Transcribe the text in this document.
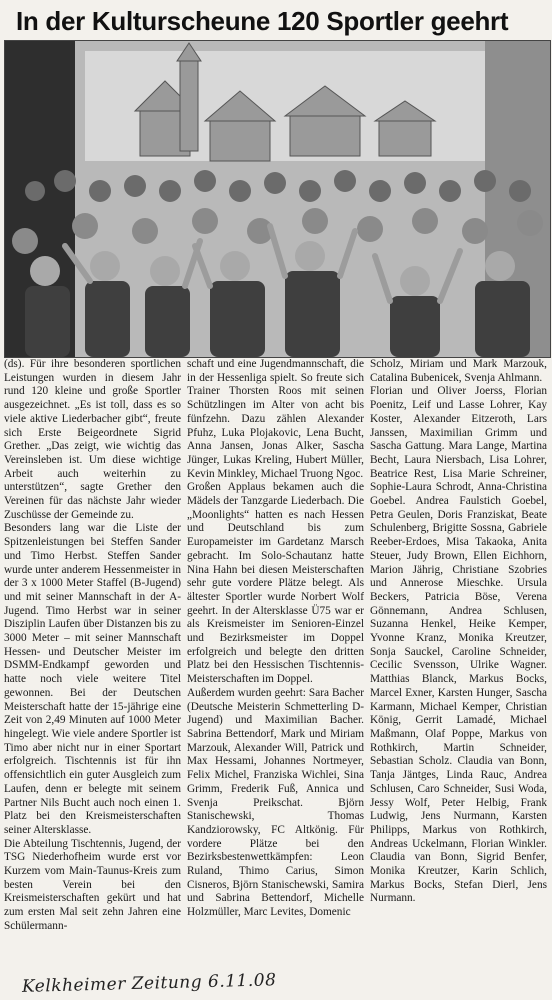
In der Kulturscheune 120 Sportler geehrt

(ds). Für ihre besonderen sportlichen Leistungen wurden in diesem Jahr rund 120 kleine und große Sportler ausgezeichnet. „Es ist toll, dass es so viele aktive Liederbacher gibt“, freute sich Erste Beigeordnete Sigrid Grether. „Das zeigt, wie wichtig das Vereinsleben ist. Um diese wichtige Arbeit auch weiterhin zu unterstützen“, sagte Grether den Vereinen für das nächste Jahr wieder Zuschüsse der Gemeinde zu.

Besonders lang war die Liste der Spitzenleistungen bei Steffen Sander und Timo Herbst. Steffen Sander wurde unter anderem Hessenmeister in der 3 x 1000 Meter Staffel (B-Jugend) und mit seiner Mannschaft in der A-Jugend. Timo Herbst war in seiner Disziplin Laufen über Distanzen bis zu 3000 Meter – mit seiner Mannschaft Hessen- und Deutscher Meister im DSMM-Endkampf geworden und hatte noch viele weitere Titel gewonnen. Bei der Deutschen Meisterschaft hatte der 15-jährige eine Zeit von 2,49 Minuten auf 1000 Meter hingelegt. Wie viele andere Sportler ist Timo aber nicht nur in einer Sportart erfolgreich. Tischtennis ist für ihn offensichtlich ein guter Ausgleich zum Laufen, denn er belegte mit seinem Partner Nils Bucht auch noch einen 1. Platz bei den Kreismeisterschaften seiner Altersklasse.

Die Abteilung Tischtennis, Jugend, der TSG Niederhofheim wurde erst vor Kurzem vom Main-Taunus-Kreis zum besten Verein bei den Kreismeisterschaften gekürt und hat zum ersten Mal seit zehn Jahren eine Schülermann-

schaft und eine Jugendmannschaft, die in der Hessenliga spielt. So freute sich Trainer Thorsten Roos mit seinen Schützlingen im Alter von acht bis fünfzehn. Dazu zählen Alexander Pfuhz, Luka Plojakovic, Lena Bucht, Anna Jansen, Jonas Alker, Sascha Jünger, Lukas Kreling, Hubert Müller, Kevin Minkley, Michael Truong Ngoc.

Großen Applaus bekamen auch die Mädels der Tanzgarde Liederbach. Die „Moonlights“ hatten es nach Hessen und Deutschland bis zum Europameister im Gardetanz Marsch gebracht. Im Solo-Schautanz hatte Nina Hahn bei diesen Meisterschaften sehr gute vordere Plätze belegt. Als ältester Sportler wurde Norbert Wolf geehrt. In der Altersklasse Ü75 war er als Kreismeister im Senioren-Einzel und Bezirksmeister im Doppel erfolgreich und belegte den dritten Platz bei den Hessischen Tischtennis-Meisterschaften im Doppel.

Außerdem wurden geehrt: Sara Bacher (Deutsche Meisterin Schmetterling D-Jugend) und Maximilian Bacher. Sabrina Bettendorf, Mark und Miriam Marzouk, Alexander Will, Patrick und Max Hessami, Johannes Nortmeyer, Felix Michel, Franziska Wichlei, Sina Grimm, Frederik Fuß, Annica und Svenja Preikschat. Björn Stanischewski, Thomas Kandziorowsky, FC Altkönig. Für vordere Plätze bei den Bezirksbestenwettkämpfen: Leon Ruland, Thimo Carius, Simon Cisneros, Björn Stanischewski, Samira und Sabrina Bettendorf, Michelle Holzmüller, Marc Levites, Domenic

Scholz, Miriam und Mark Marzouk, Catalina Bubenicek, Svenja Ahlmann.

Florian und Oliver Joerss, Florian Poenitz, Leif und Lasse Lohrer, Kay Koster, Alexander Eitzeroth, Lars Janssen, Maximilian Grimm und Sascha Gattung. Mara Lange, Martina Becht, Laura Niersbach, Lisa Lohrer, Beatrice Rest, Lisa Marie Schreiner, Sophie-Laura Schrodt, Anna-Christina Goebel. Andrea Faulstich Goebel, Petra Geulen, Doris Franziskat, Beate Schulenberg, Brigitte Sossna, Gabriele Reeber-Erdoes, Misa Takaoka, Anita Steuer, Judy Brown, Ellen Eichhorn, Marion Jährig, Christiane Szobries und Annerose Mieschke. Ursula Beckers, Patricia Böse, Verena Gönnemann, Andrea Schlusen, Suzanna Henkel, Heike Kemper, Yvonne Kranz, Monika Kreutzer, Sonja Sauckel, Caroline Schneider, Cecilic Svensson, Ulrike Wagner. Matthias Blanck, Markus Bocks, Marcel Exner, Karsten Hunger, Sascha Karmann, Michael Kemper, Christian König, Gerrit Lamadé, Michael Maßmann, Olaf Poppe, Markus von Rothkirch, Martin Schneider, Sebastian Scholz. Claudia van Bonn, Tanja Jäntges, Linda Rauc, Andrea Schlusen, Caro Schneider, Susi Woda, Jessy Wolf, Peter Helbig, Frank Ludwig, Jens Nurmann, Karsten Philipps, Markus von Rothkirch, Andreas Uckelmann, Florian Winkler. Claudia van Bonn, Sigrid Benfer, Monika Kreutzer, Karin Schlich, Markus Bocks, Stefan Dierl, Jens Nurmann.

Kelkheimer Zeitung 6.11.08
